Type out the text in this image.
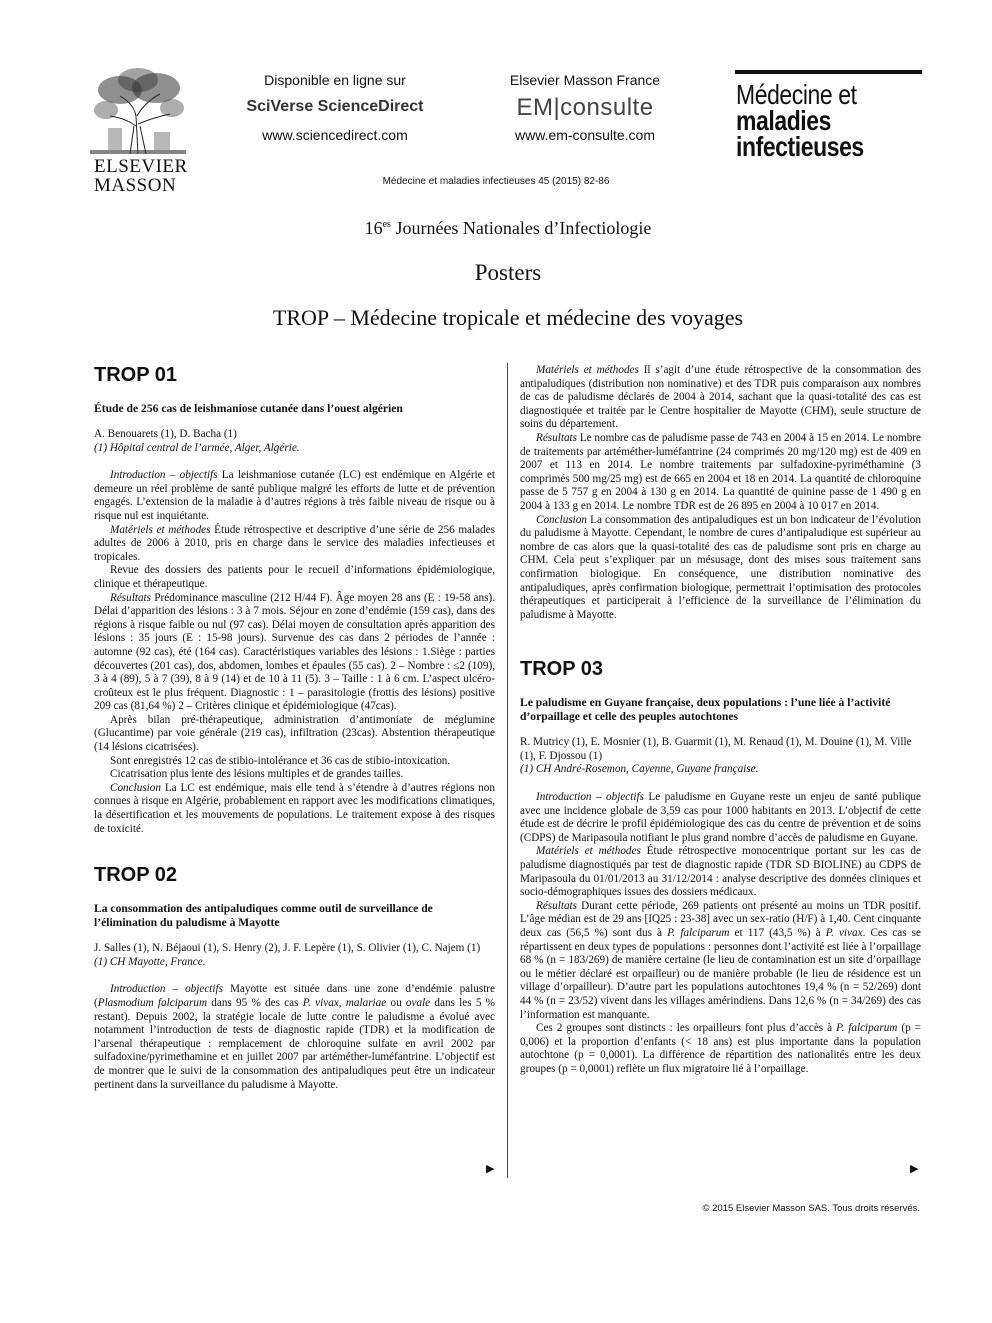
ELSEVIER
MASSON
Disponible en ligne sur
SciVerse ScienceDirect
www.sciencedirect.com
Elsevier Masson France
EM|consulte
www.em-consulte.com
Médecine et
maladies infectieuses
Médecine et maladies infectieuses 45 (2015) 82-86
$16^{es}$ Journées Nationales d’Infectiologie
Posters
TROP – Médecine tropicale et médecine des voyages
TROP 01
Étude de 256 cas de leishmaniose cutanée dans l’ouest algérien
A. Benouarets (1), D. Bacha (1)
(1) Hôpital central de l’armée, Alger, Algérie.

Introduction – objectifs La leishmaniose cutanée (LC) est endémique en Algérie et demeure un réel problème de santé publique malgré les efforts de lutte et de prévention engagés. L’extension de la maladie à d’autres régions à très faible niveau de risque ou à risque nul est inquiétante.

Matériels et méthodes Étude rétrospective et descriptive d’une série de 256 malades adultes de 2006 à 2010, pris en charge dans le service des maladies infectieuses et tropicales.

Revue des dossiers des patients pour le recueil d’informations épidémiologique, clinique et thérapeutique.

Résultats Prédominance masculine (212 H/44 F). Âge moyen 28 ans (E : 19-58 ans). Délai d’apparition des lésions : 3 à 7 mois. Séjour en zone d’endémie (159 cas), dans des régions à risque faible ou nul (97 cas). Délai moyen de consultation après apparition des lésions : 35 jours (E : 15-98 jours). Survenue des cas dans 2 périodes de l’année : automne (92 cas), été (164 cas). Caractéristiques variables des lésions : 1.Siège : parties découvertes (201 cas), dos, abdomen, lombes et épaules (55 cas). 2 – Nombre : ≤2 (109), 3 à 4 (89), 5 à 7 (39), 8 à 9 (14) et de 10 à 11 (5). 3 – Taille : 1 à 6 cm. L’aspect ulcéro-croûteux est le plus fréquent. Diagnostic : 1 – parasitologie (frottis des lésions) positive 209 cas (81,64 %) 2 – Critères clinique et épidémiologique (47cas).

Après bilan pré-thérapeutique, administration d’antimoniate de méglumine (Glucantime) par voie générale (219 cas), infiltration (23cas). Abstention thérapeutique (14 lésions cicatrisées).

Sont enregistrés 12 cas de stibio-intolérance et 36 cas de stibio-intoxication.

Cicatrisation plus lente des lésions multiples et de grandes tailles.

Conclusion La LC est endémique, mais elle tend à s’étendre à d’autres régions non connues à risque en Algérie, probablement en rapport avec les modifications climatiques, la désertification et les mouvements de populations. Le traitement expose à des risques de toxicité.

TROP 02
La consommation des antipaludiques comme outil de surveillance de l’élimination du paludisme à Mayotte
J. Salles (1), N. Béjaoui (1), S. Henry (2), J. F. Lepère (1), S. Olivier (1), C. Najem (1)
(1) CH Mayotte, France.

Introduction – objectifs Mayotte est située dans une zone d’endémie palustre (Plasmodium falciparum dans 95 % des cas P. vivax, malariae ou ovale dans les 5 % restant). Depuis 2002, la stratégie locale de lutte contre le paludisme a évolué avec notamment l’introduction de tests de diagnostic rapide (TDR) et la modification de l’arsenal thérapeutique : remplacement de chloroquine sulfate en avril 2002 par sulfadoxine/pyrimethamine et en juillet 2007 par artéméther-luméfantrine. L’objectif est de montrer que le suivi de la consommation des antipaludiques peut être un indicateur pertinent dans la surveillance du paludisme à Mayotte.

▶

Matériels et méthodes Il s’agit d’une étude rétrospective de la consommation des antipaludiques (distribution non nominative) et des TDR puis comparaison aux nombres de cas de paludisme déclarés de 2004 à 2014, sachant que la quasi-totalité des cas est diagnostiquée et traitée par le Centre hospitalier de Mayotte (CHM), seule structure de soins du département.

Résultats Le nombre cas de paludisme passe de 743 en 2004 à 15 en 2014. Le nombre de traitements par artéméther-luméfantrine (24 comprimés 20 mg/120 mg) est de 409 en 2007 et 113 en 2014. Le nombre traitements par sulfadoxine-pyriméthamine (3 comprimés 500 mg/25 mg) est de 665 en 2004 et 18 en 2014. La quantité de chloroquine passe de 5 757 g en 2004 à 130 g en 2014. La quantité de quinine passe de 1 490 g en 2004 à 133 g en 2014. Le nombre TDR est de 26 895 en 2004 à 10 017 en 2014.

Conclusion La consommation des antipaludiques est un bon indicateur de l’évolution du paludisme à Mayotte. Cependant, le nombre de cures d’antipaludique est supérieur au nombre de cas alors que la quasi-totalité des cas de paludisme sont pris en charge au CHM. Cela peut s’expliquer par un mésusage, dont des mises sous traitement sans confirmation biologique. En conséquence, une distribution nominative des antipaludiques, après confirmation biologique, permettrait l’optimisation des protocoles thérapeutiques et participerait à l’efficience de la surveillance de l’élimination du paludisme à Mayotte.

TROP 03
Le paludisme en Guyane française, deux populations : l’une liée à l’activité d’orpaillage et celle des peuples autochtones
R. Mutricy (1), E. Mosnier (1), B. Guarmit (1), M. Renaud (1), M. Douine (1), M. Ville (1), F. Djossou (1)
(1) CH André-Rosemon, Cayenne, Guyane française.

Introduction – objectifs Le paludisme en Guyane reste un enjeu de santé publique avec une incidence globale de 3,59 cas pour 1000 habitants en 2013. L’objectif de cette étude est de décrire le profil épidémiologique des cas du centre de prévention et de soins (CDPS) de Maripasoula notifiant le plus grand nombre d’accès de paludisme en Guyane.

Matériels et méthodes Étude rétrospective monocentrique portant sur les cas de paludisme diagnostiqués par test de diagnostic rapide (TDR SD BIOLINE) au CDPS de Maripasoula du 01/01/2013 au 31/12/2014 : analyse descriptive des données cliniques et socio-démographiques issues des dossiers médicaux.

Résultats Durant cette période, 269 patients ont présenté au moins un TDR positif. L’âge médian est de 29 ans [IQ25 : 23-38] avec un sex-ratio (H/F) à 1,40. Cent cinquante deux cas (56,5 %) sont dus à P. falciparum et 117 (43,5 %) à P. vivax. Ces cas se répartissent en deux types de populations : personnes dont l’activité est liée à l’orpaillage 68 % (n = 183/269) de manière certaine (le lieu de contamination est un site d’orpaillage ou le métier déclaré est orpailleur) ou de manière probable (le lieu de résidence est un village d’orpailleur). D’autre part les populations autochtones 19,4 % (n = 52/269) dont 44 % (n = 23/52) vivent dans les villages amérindiens. Dans 12,6 % (n = 34/269) des cas l’information est manquante.

Ces 2 groupes sont distincts : les orpailleurs font plus d’accès à P. falciparum (p = 0,006) et la proportion d’enfants (< 18 ans) est plus importante dans la population autochtone (p = 0,0001). La différence de répartition des nationalités entre les deux groupes (p = 0,0001) reflète un flux migratoire lié à l’orpaillage.

▶
© 2015 Elsevier Masson SAS. Tous droits réservés.
